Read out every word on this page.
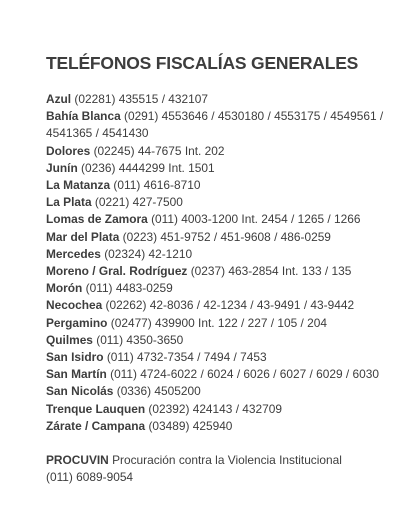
TELÉFONOS FISCALÍAS GENERALES

Azul (02281) 435515 / 432107

Bahía Blanca (0291) 4553646 / 4530180 / 4553175 / 4549561 / 4541365 / 4541430

Dolores (02245) 44-7675 Int. 202

Junín (0236) 4444299 Int. 1501

La Matanza (011) 4616-8710

La Plata (0221) 427-7500

Lomas de Zamora (011) 4003-1200 Int. 2454 / 1265 / 1266

Mar del Plata (0223) 451-9752 / 451-9608 / 486-0259

Mercedes (02324) 42-1210

Moreno / Gral. Rodríguez (0237) 463-2854 Int. 133 / 135

Morón (011) 4483-0259

Necochea (02262) 42-8036 / 42-1234 / 43-9491 / 43-9442

Pergamino (02477) 439900 Int. 122 / 227 / 105 / 204

Quilmes (011) 4350-3650

San Isidro (011) 4732-7354 / 7494 / 7453

San Martín (011) 4724-6022 / 6024 / 6026 / 6027 / 6029 / 6030

San Nicolás (0336) 4505200

Trenque Lauquen (02392) 424143 / 432709

Zárate / Campana (03489) 425940

PROCUVIN Procuración contra la Violencia Institucional
(011) 6089-9054
